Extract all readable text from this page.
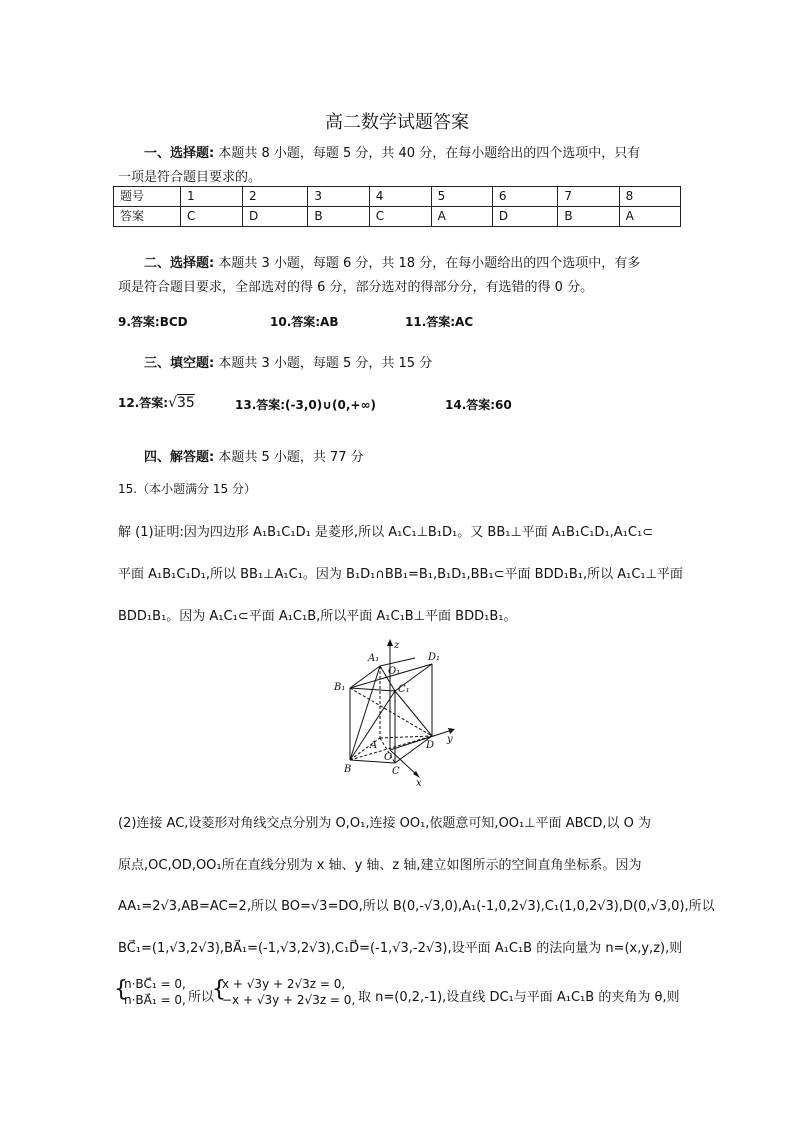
高二数学试题答案
一、选择题: 本题共 8 小题，每题 5 分，共 40 分，在每小题给出的四个选项中，只有
一项是符合题目要求的。
题号	1	2	3	4	5	6	7	8
答案	C	D	B	C	A	D	B	A
二、选择题: 本题共 3 小题，每题 6 分，共 18 分，在每小题给出的四个选项中，有多
项是符合题目要求，全部选对的得 6 分，部分选对的得部分分，有选错的得 0 分。
9.答案:BCD	10.答案:AB	11.答案:AC
三、填空题: 本题共 3 小题，每题 5 分，共 15 分
12.答案:√35	13.答案:(-3,0)∪(0,+∞)	14.答案:60
四、解答题: 本题共 5 小题，共 77 分
15.（本小题满分 15 分）
解 (1)证明:因为四边形 A₁B₁C₁D₁ 是菱形,所以 A₁C₁⊥B₁D₁。又 BB₁⊥平面 A₁B₁C₁D₁,A₁C₁⊂
平面 A₁B₁C₁D₁,所以 BB₁⊥A₁C₁。因为 B₁D₁∩BB₁=B₁,B₁D₁,BB₁⊂平面 BDD₁B₁,所以 A₁C₁⊥平面
BDD₁B₁。因为 A₁C₁⊂平面 A₁C₁B,所以平面 A₁C₁B⊥平面 BDD₁B₁。
z
A₁
O₁
D₁
B₁	C₁
A
y
D
O
B	C
x
(2)连接 AC,设菱形对角线交点分别为 O,O₁,连接 OO₁,依题意可知,OO₁⊥平面 ABCD,以 O 为
原点,OC,OD,OO₁所在直线分别为 x 轴、y 轴、z 轴,建立如图所示的空间直角坐标系。因为
AA₁=2√3,AB=AC=2,所以 BO=√3=DO,所以 B(0,-√3,0),A₁(-1,0,2√3),C₁(1,0,2√3),D(0,√3,0),所以
BC⃗₁=(1,√3,2√3),BA⃗₁=(-1,√3,2√3),C₁D⃗=(-1,√3,-2√3),设平面 A₁C₁B 的法向量为 n=(x,y,z),则
{
n·BC⃗₁ = 0,
n·BA⃗₁ = 0, 所以
{
x + √3y + 2√3z = 0,
−x + √3y + 2√3z = 0, 取 n=(0,2,-1),设直线 DC₁与平面 A₁C₁B 的夹角为 θ,则
